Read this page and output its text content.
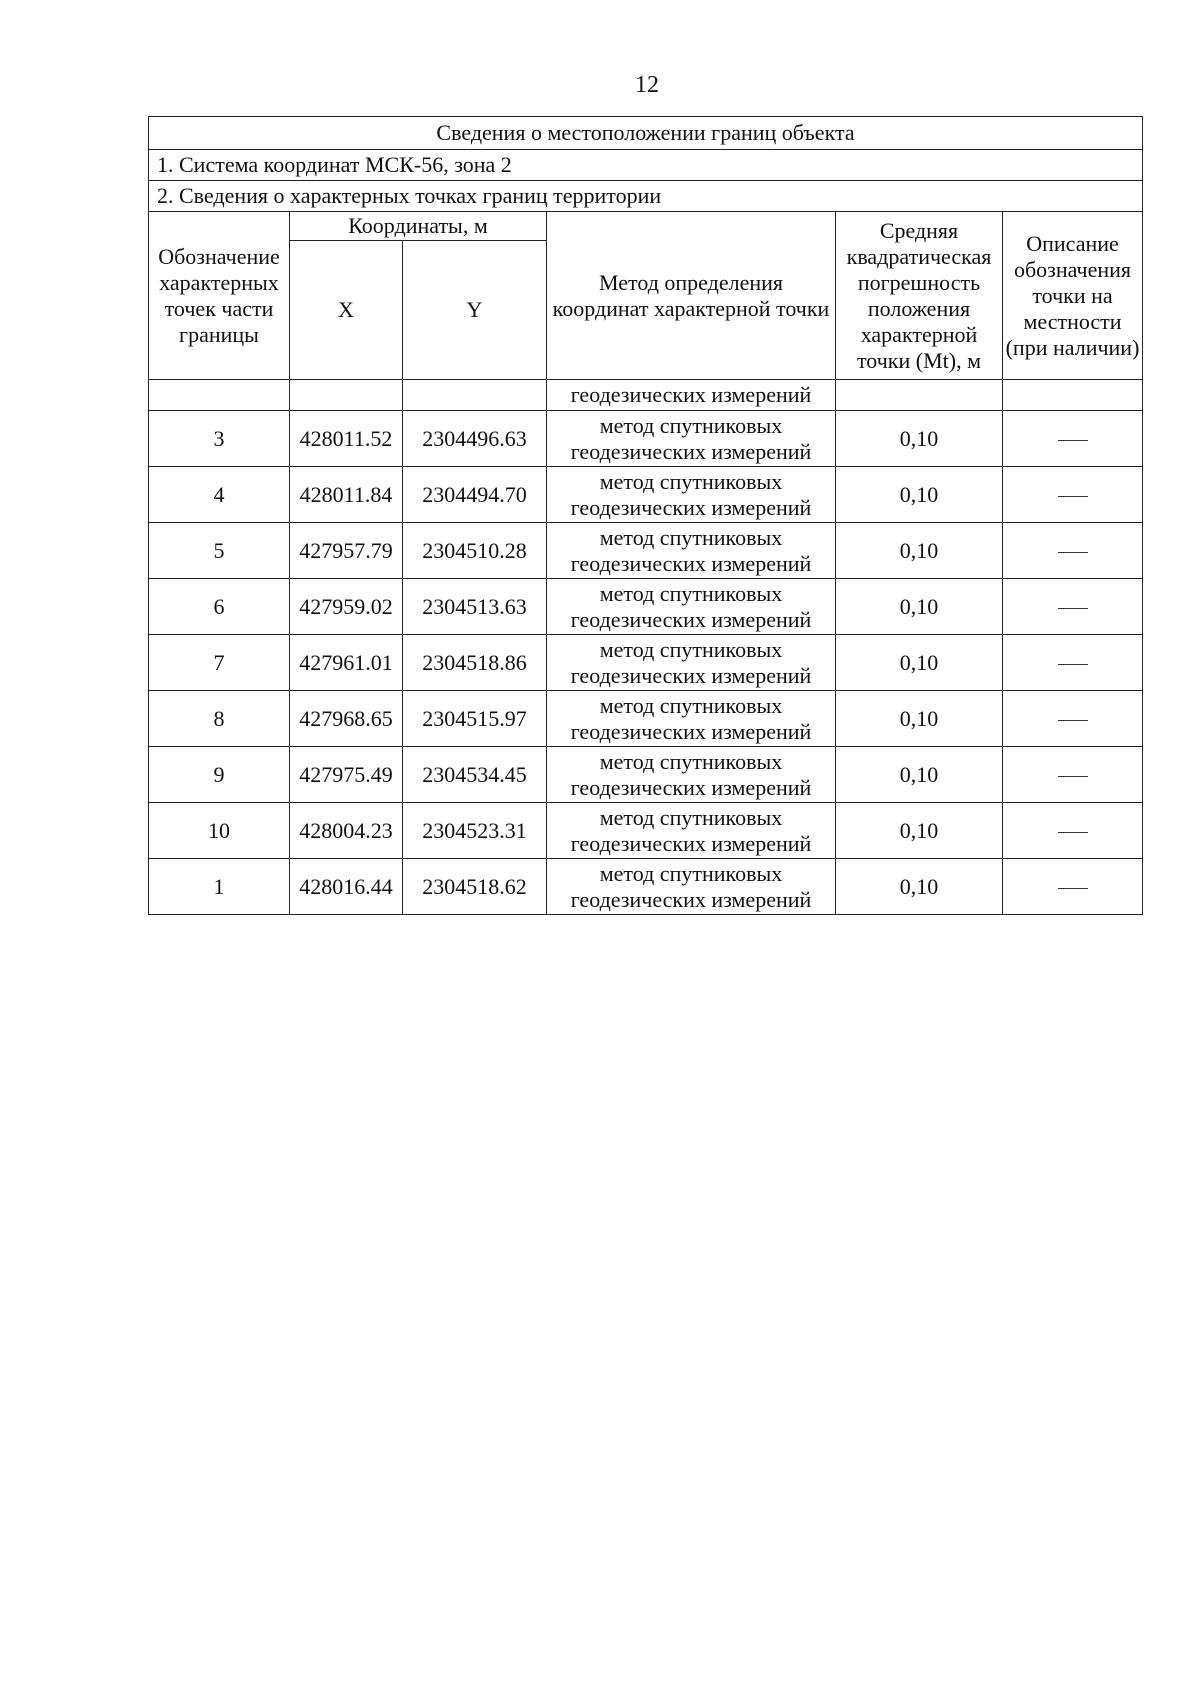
12
Сведения о местоположении границ объекта					
1. Система координат МСК-56, зона 2					
2. Сведения о характерных точках границ территории					
Обозначение характерных точек части границы	Координаты, м		Метод определения координат характерной точки	Средняя квадратическая погрешность положения характерной точки (Mt), м	Описание обозначения точки на местности (при наличии)
	X	Y			
			геодезических измерений		
3	428011.52	2304496.63	метод спутниковых
геодезических измерений	0,10	
4	428011.84	2304494.70	метод спутниковых
геодезических измерений	0,10	
5	427957.79	2304510.28	метод спутниковых
геодезических измерений	0,10	
6	427959.02	2304513.63	метод спутниковых
геодезических измерений	0,10	
7	427961.01	2304518.86	метод спутниковых
геодезических измерений	0,10	
8	427968.65	2304515.97	метод спутниковых
геодезических измерений	0,10	
9	427975.49	2304534.45	метод спутниковых
геодезических измерений	0,10	
10	428004.23	2304523.31	метод спутниковых
геодезических измерений	0,10	
1	428016.44	2304518.62	метод спутниковых
геодезических измерений	0,10	
